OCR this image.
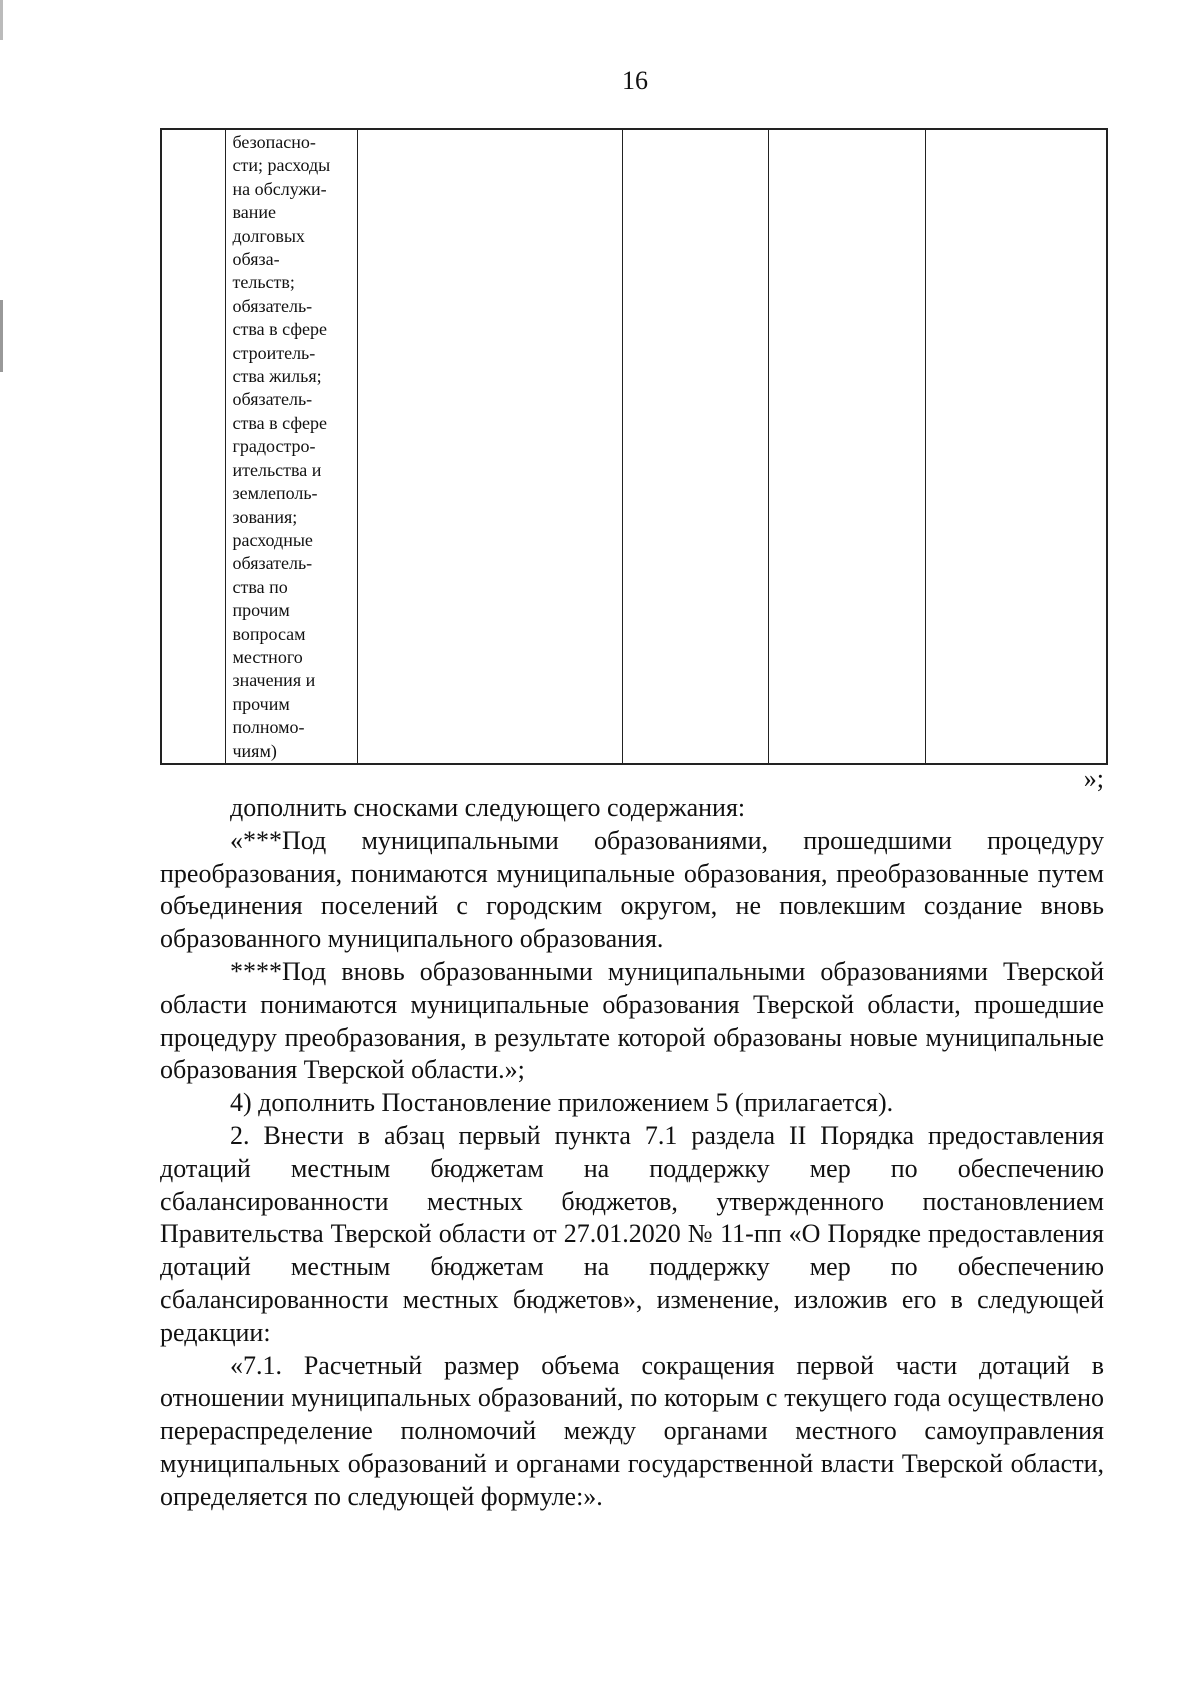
16

безопасно-
сти; расходы
на обслужи-
вание
долговых
обяза-
тельств;
обязатель-
ства в сфере
строитель-
ства жилья;
обязатель-
ства в сфере
градостро-
ительства и
землеполь-
зования;
расходные
обязатель-
ства по
прочим
вопросам
местного
значения и
прочим
полномо-
чиям)

»;

дополнить сносками следующего содержания:

«***Под муниципальными образованиями, прошедшими процедуру преобразования, понимаются муниципальные образования, преобразованные путем объединения поселений с городским округом, не повлекшим создание вновь образованного муниципального образования.

****Под вновь образованными муниципальными образованиями Тверской области понимаются муниципальные образования Тверской области, прошедшие процедуру преобразования, в результате которой образованы новые муниципальные образования Тверской области.»;

4) дополнить Постановление приложением 5 (прилагается).

2. Внести в абзац первый пункта 7.1 раздела II Порядка предоставления дотаций местным бюджетам на поддержку мер по обеспечению сбалансированности местных бюджетов, утвержденного постановлением Правительства Тверской области от 27.01.2020 № 11-пп «О Порядке предоставления дотаций местным бюджетам на поддержку мер по обеспечению сбалансированности местных бюджетов», изменение, изложив его в следующей редакции:

«7.1. Расчетный размер объема сокращения первой части дотаций в отношении муниципальных образований, по которым с текущего года осуществлено перераспределение полномочий между органами местного самоуправления муниципальных образований и органами государственной власти Тверской области, определяется по следующей формуле:».
